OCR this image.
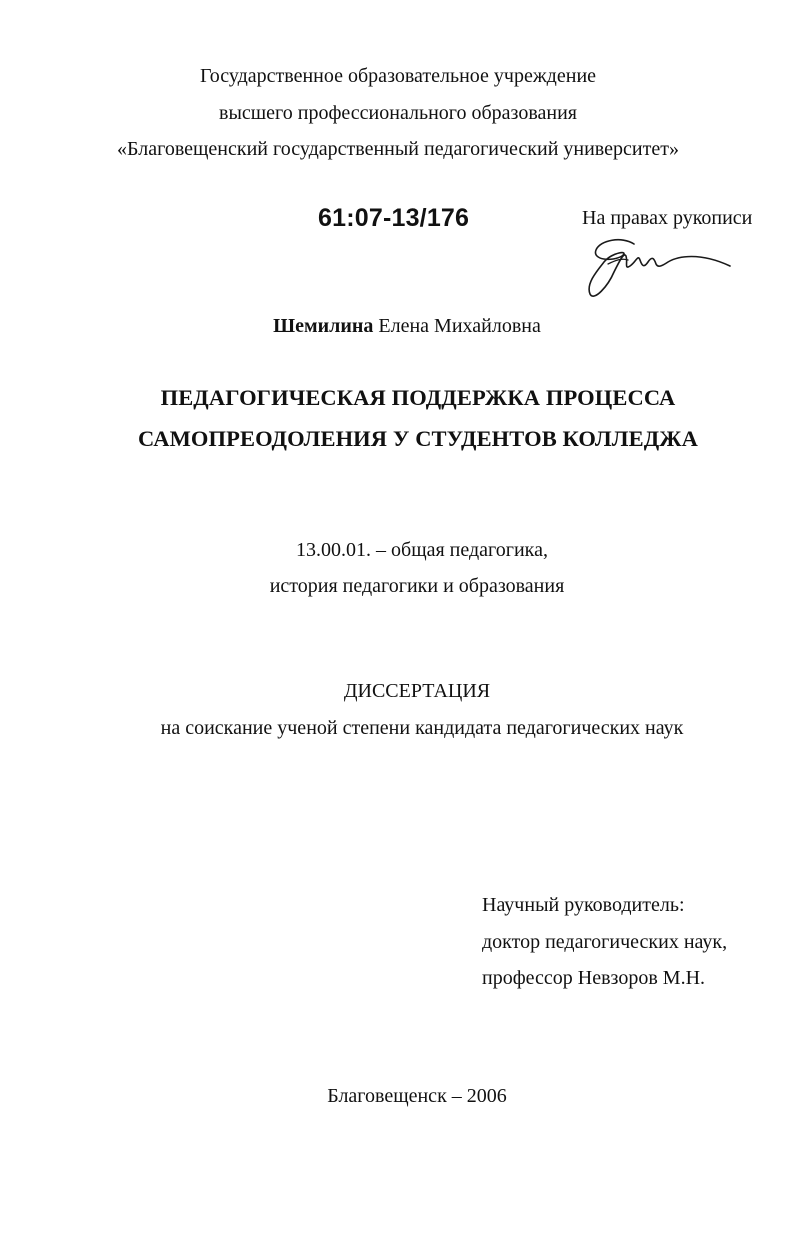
Государственное образовательное учреждение
высшего профессионального образования
«Благовещенский государственный педагогический университет»
61:07-13/176	На правах рукописи
Шемилина Елена Михайловна
ПЕДАГОГИЧЕСКАЯ ПОДДЕРЖКА ПРОЦЕССА
САМОПРЕОДОЛЕНИЯ У СТУДЕНТОВ КОЛЛЕДЖА
13.00.01. – общая педагогика,
история педагогики и образования
ДИССЕРТАЦИЯ
на соискание ученой степени кандидата педагогических наук
Научный руководитель:
доктор педагогических наук,
профессор Невзоров М.Н.
Благовещенск – 2006
